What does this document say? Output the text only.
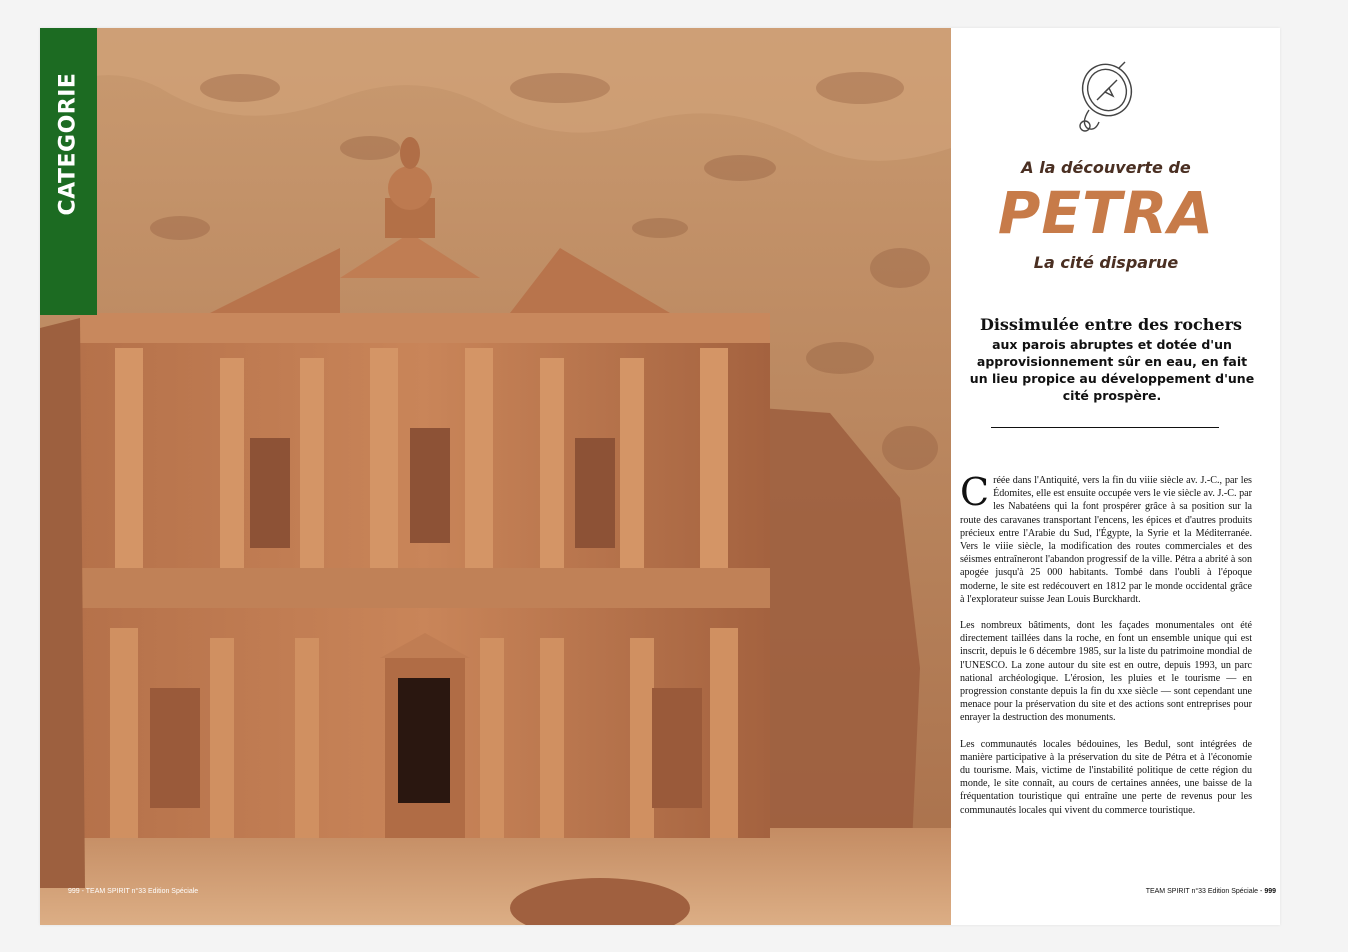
CATEGORIE
999 - TEAM SPIRIT n°33 Edition Spéciale
A la découverte de
PETRA
La cité disparue
Dissimulée entre des rochers
aux parois abruptes et dotée d'un approvisionnement sûr en eau, en fait un lieu propice au développement d'une cité prospère.

Créée dans l'Antiquité, vers la fin du viiie siècle av. J.-C., par les Édomites, elle est ensuite occupée vers le vie siècle av. J.-C. par les Nabatéens qui la font prospérer grâce à sa position sur la route des caravanes transportant l'encens, les épices et d'autres produits précieux entre l'Arabie du Sud, l'Égypte, la Syrie et la Méditerranée. Vers le viiie siècle, la modification des routes commerciales et des séismes entraîneront l'abandon progressif de la ville. Pétra a abrité à son apogée jusqu'à 25 000 habitants. Tombé dans l'oubli à l'époque moderne, le site est redécouvert en 1812 par le monde occidental grâce à l'explorateur suisse Jean Louis Burckhardt.

Les nombreux bâtiments, dont les façades monumentales ont été directement taillées dans la roche, en font un ensemble unique qui est inscrit, depuis le 6 décembre 1985, sur la liste du patrimoine mondial de l'UNESCO. La zone autour du site est en outre, depuis 1993, un parc national archéologique. L'érosion, les pluies et le tourisme — en progression constante depuis la fin du xxe siècle — sont cependant une menace pour la préservation du site et des actions sont entreprises pour enrayer la destruction des monuments.

Les communautés locales bédouines, les Bedul, sont intégrées de manière participative à la préservation du site de Pétra et à l'économie du tourisme. Mais, victime de l'instabilité politique de cette région du monde, le site connaît, au cours de certaines années, une baisse de la fréquentation touristique qui entraîne une perte de revenus pour les communautés locales qui vivent du commerce touristique.

TEAM SPIRIT n°33 Edition Spéciale - 999
